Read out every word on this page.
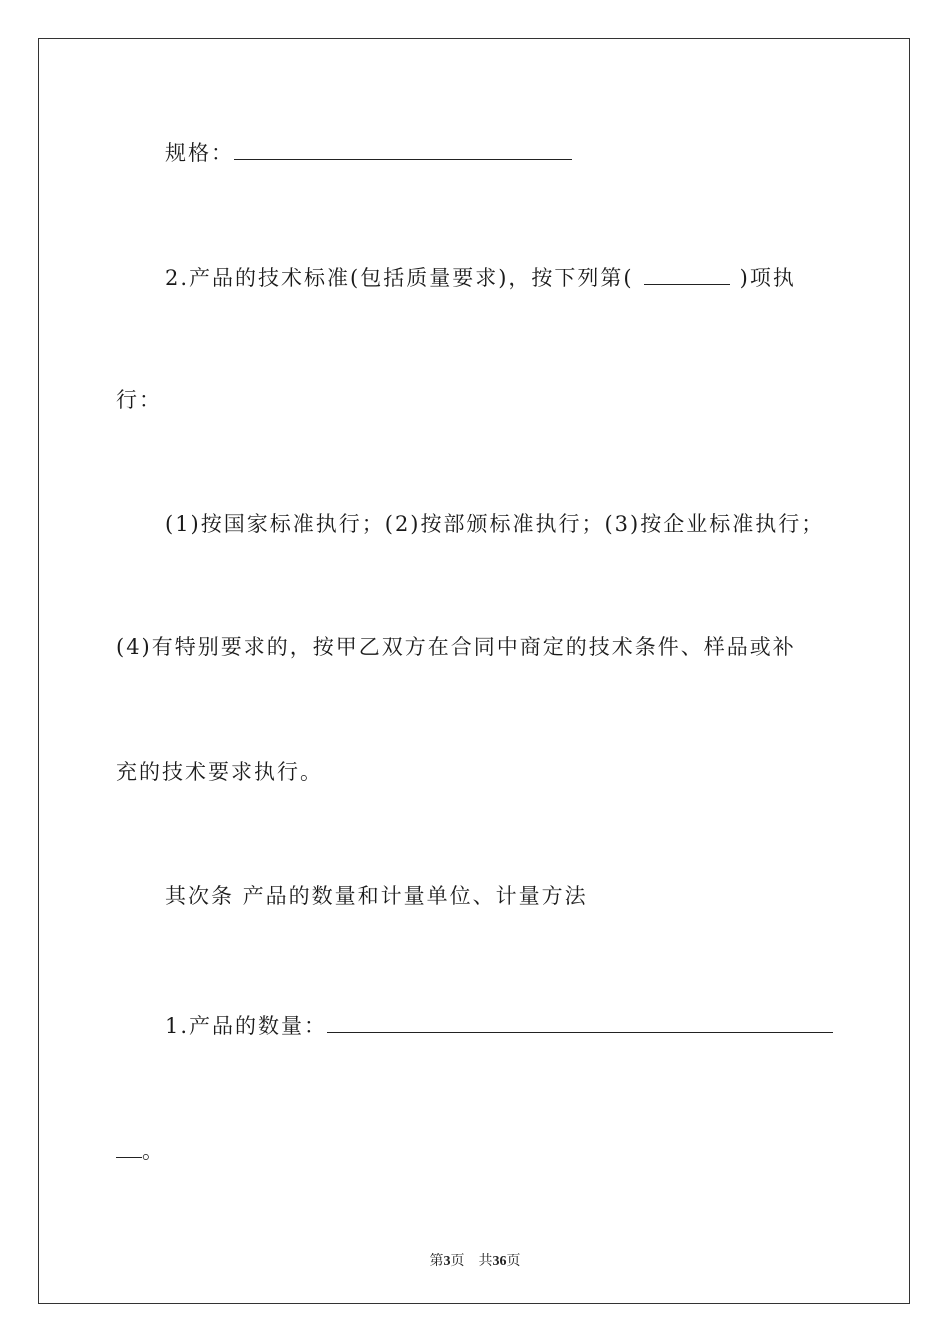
规格：
2.产品的技术标准(包括质量要求)，按下列第(	)项执
行：
(1)按国家标准执行；(2)按部颁标准执行；(3)按企业标准执行；
(4)有特别要求的，按甲乙双方在合同中商定的技术条件、样品或补
充的技术要求执行。
其次条 产品的数量和计量单位、计量方法
1.产品的数量：
。
第3页 共36页
